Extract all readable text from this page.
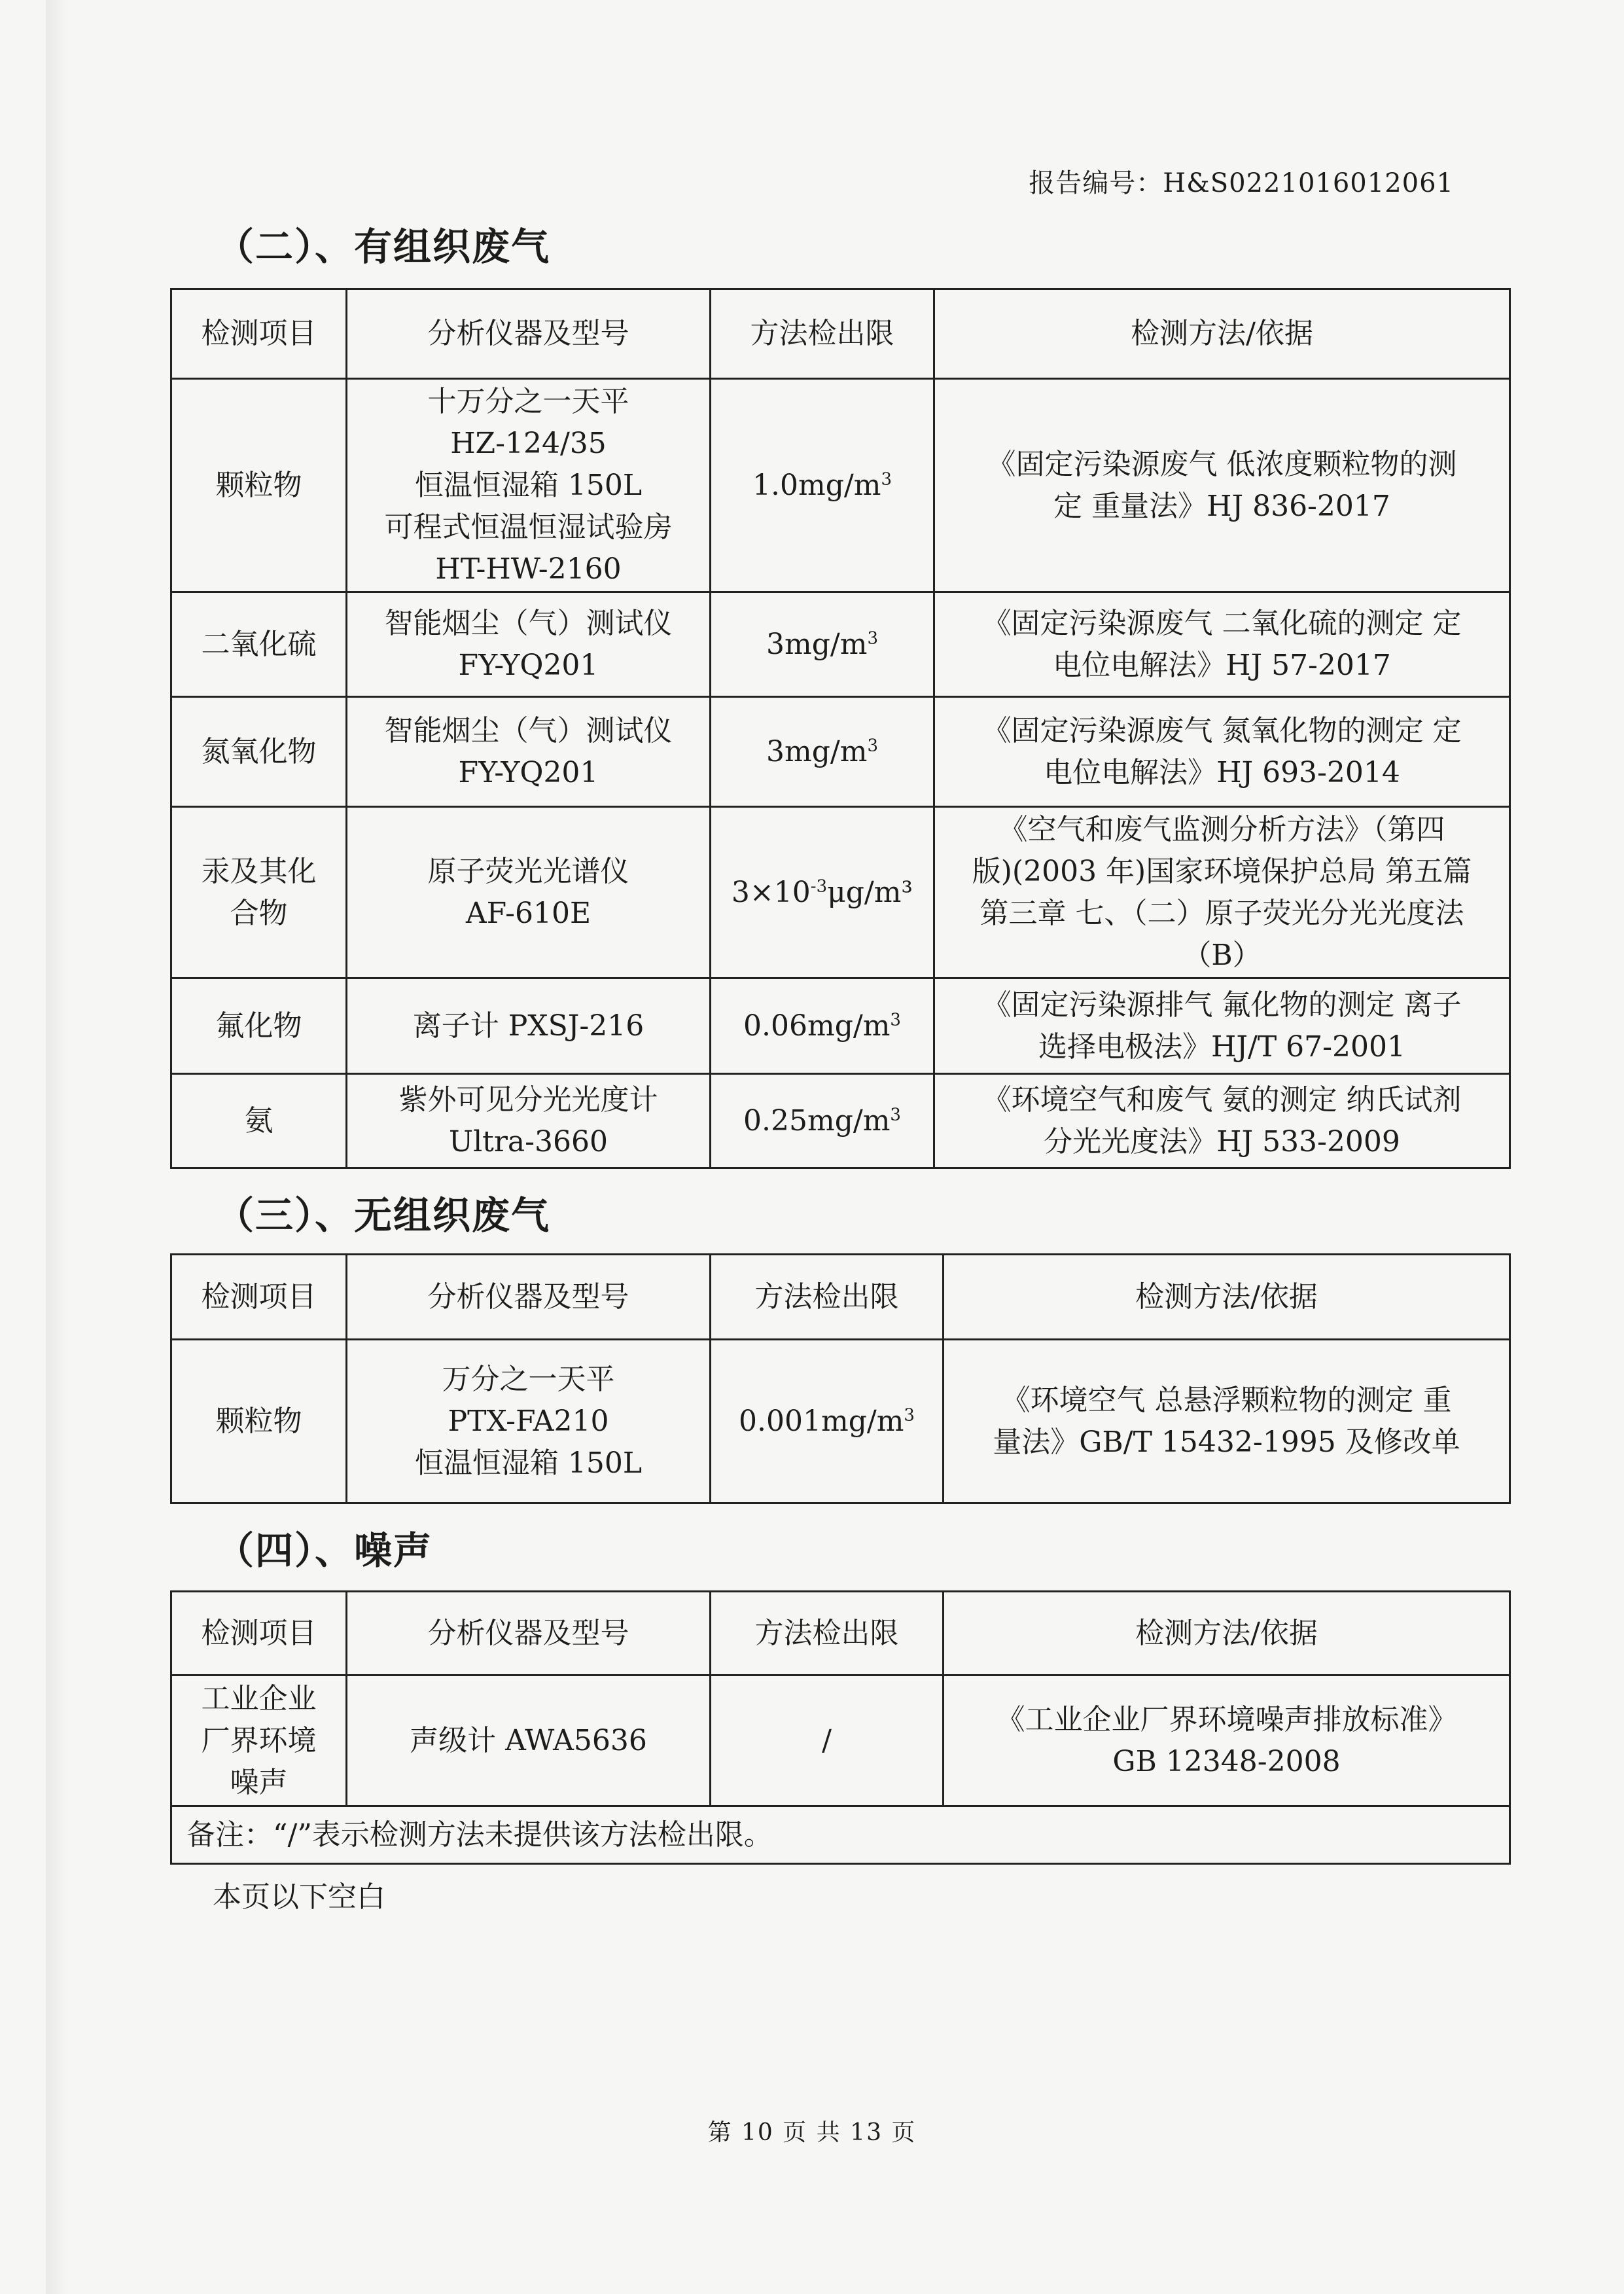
报告编号：H&S0221016012061
（二）、有组织废气
检测项目	分析仪器及型号	方法检出限	检测方法/依据

颗粒物	十万分之一天平
HZ-124/35
恒温恒湿箱 150L
可程式恒温恒湿试验房
HT-HW-2160	$1.0mg/m^3$	《固定污染源废气 低浓度颗粒物的测
定 重量法》HJ 836-2017

二氧化硫	智能烟尘（气）测试仪
FY-YQ201	$3mg/m^3$	《固定污染源废气 二氧化硫的测定 定
电位电解法》HJ 57-2017

氮氧化物	智能烟尘（气）测试仪
FY-YQ201	$3mg/m^3$	《固定污染源废气 氮氧化物的测定 定
电位电解法》HJ 693-2014

汞及其化
合物	原子荧光光谱仪
AF-610E	$3\times 10^{-3}\mu g/m^3$	《空气和废气监测分析方法》（第四
版)(2003 年)国家环境保护总局 第五篇
第三章 七、（二）原子荧光分光光度法
（B）

氟化物	离子计 PXSJ-216	$0.06mg/m^3$	《固定污染源排气 氟化物的测定 离子
选择电极法》HJ/T 67-2001

氨	紫外可见分光光度计
Ultra-3660	$0.25mg/m^3$	《环境空气和废气 氨的测定 纳氏试剂
分光光度法》HJ 533-2009
（三）、无组织废气
检测项目	分析仪器及型号	方法检出限	检测方法/依据

颗粒物	万分之一天平
PTX-FA210
恒温恒湿箱 150L	$0.001mg/m^3$	《环境空气 总悬浮颗粒物的测定 重
量法》GB/T 15432-1995 及修改单
（四）、噪声
检测项目	分析仪器及型号	方法检出限	检测方法/依据

工业企业
厂界环境
噪声	声级计 AWA5636	/	《工业企业厂界环境噪声排放标准》
GB 12348-2008

备注：“/”表示检测方法未提供该方法检出限。			
本页以下空白
第 10 页 共 13 页
